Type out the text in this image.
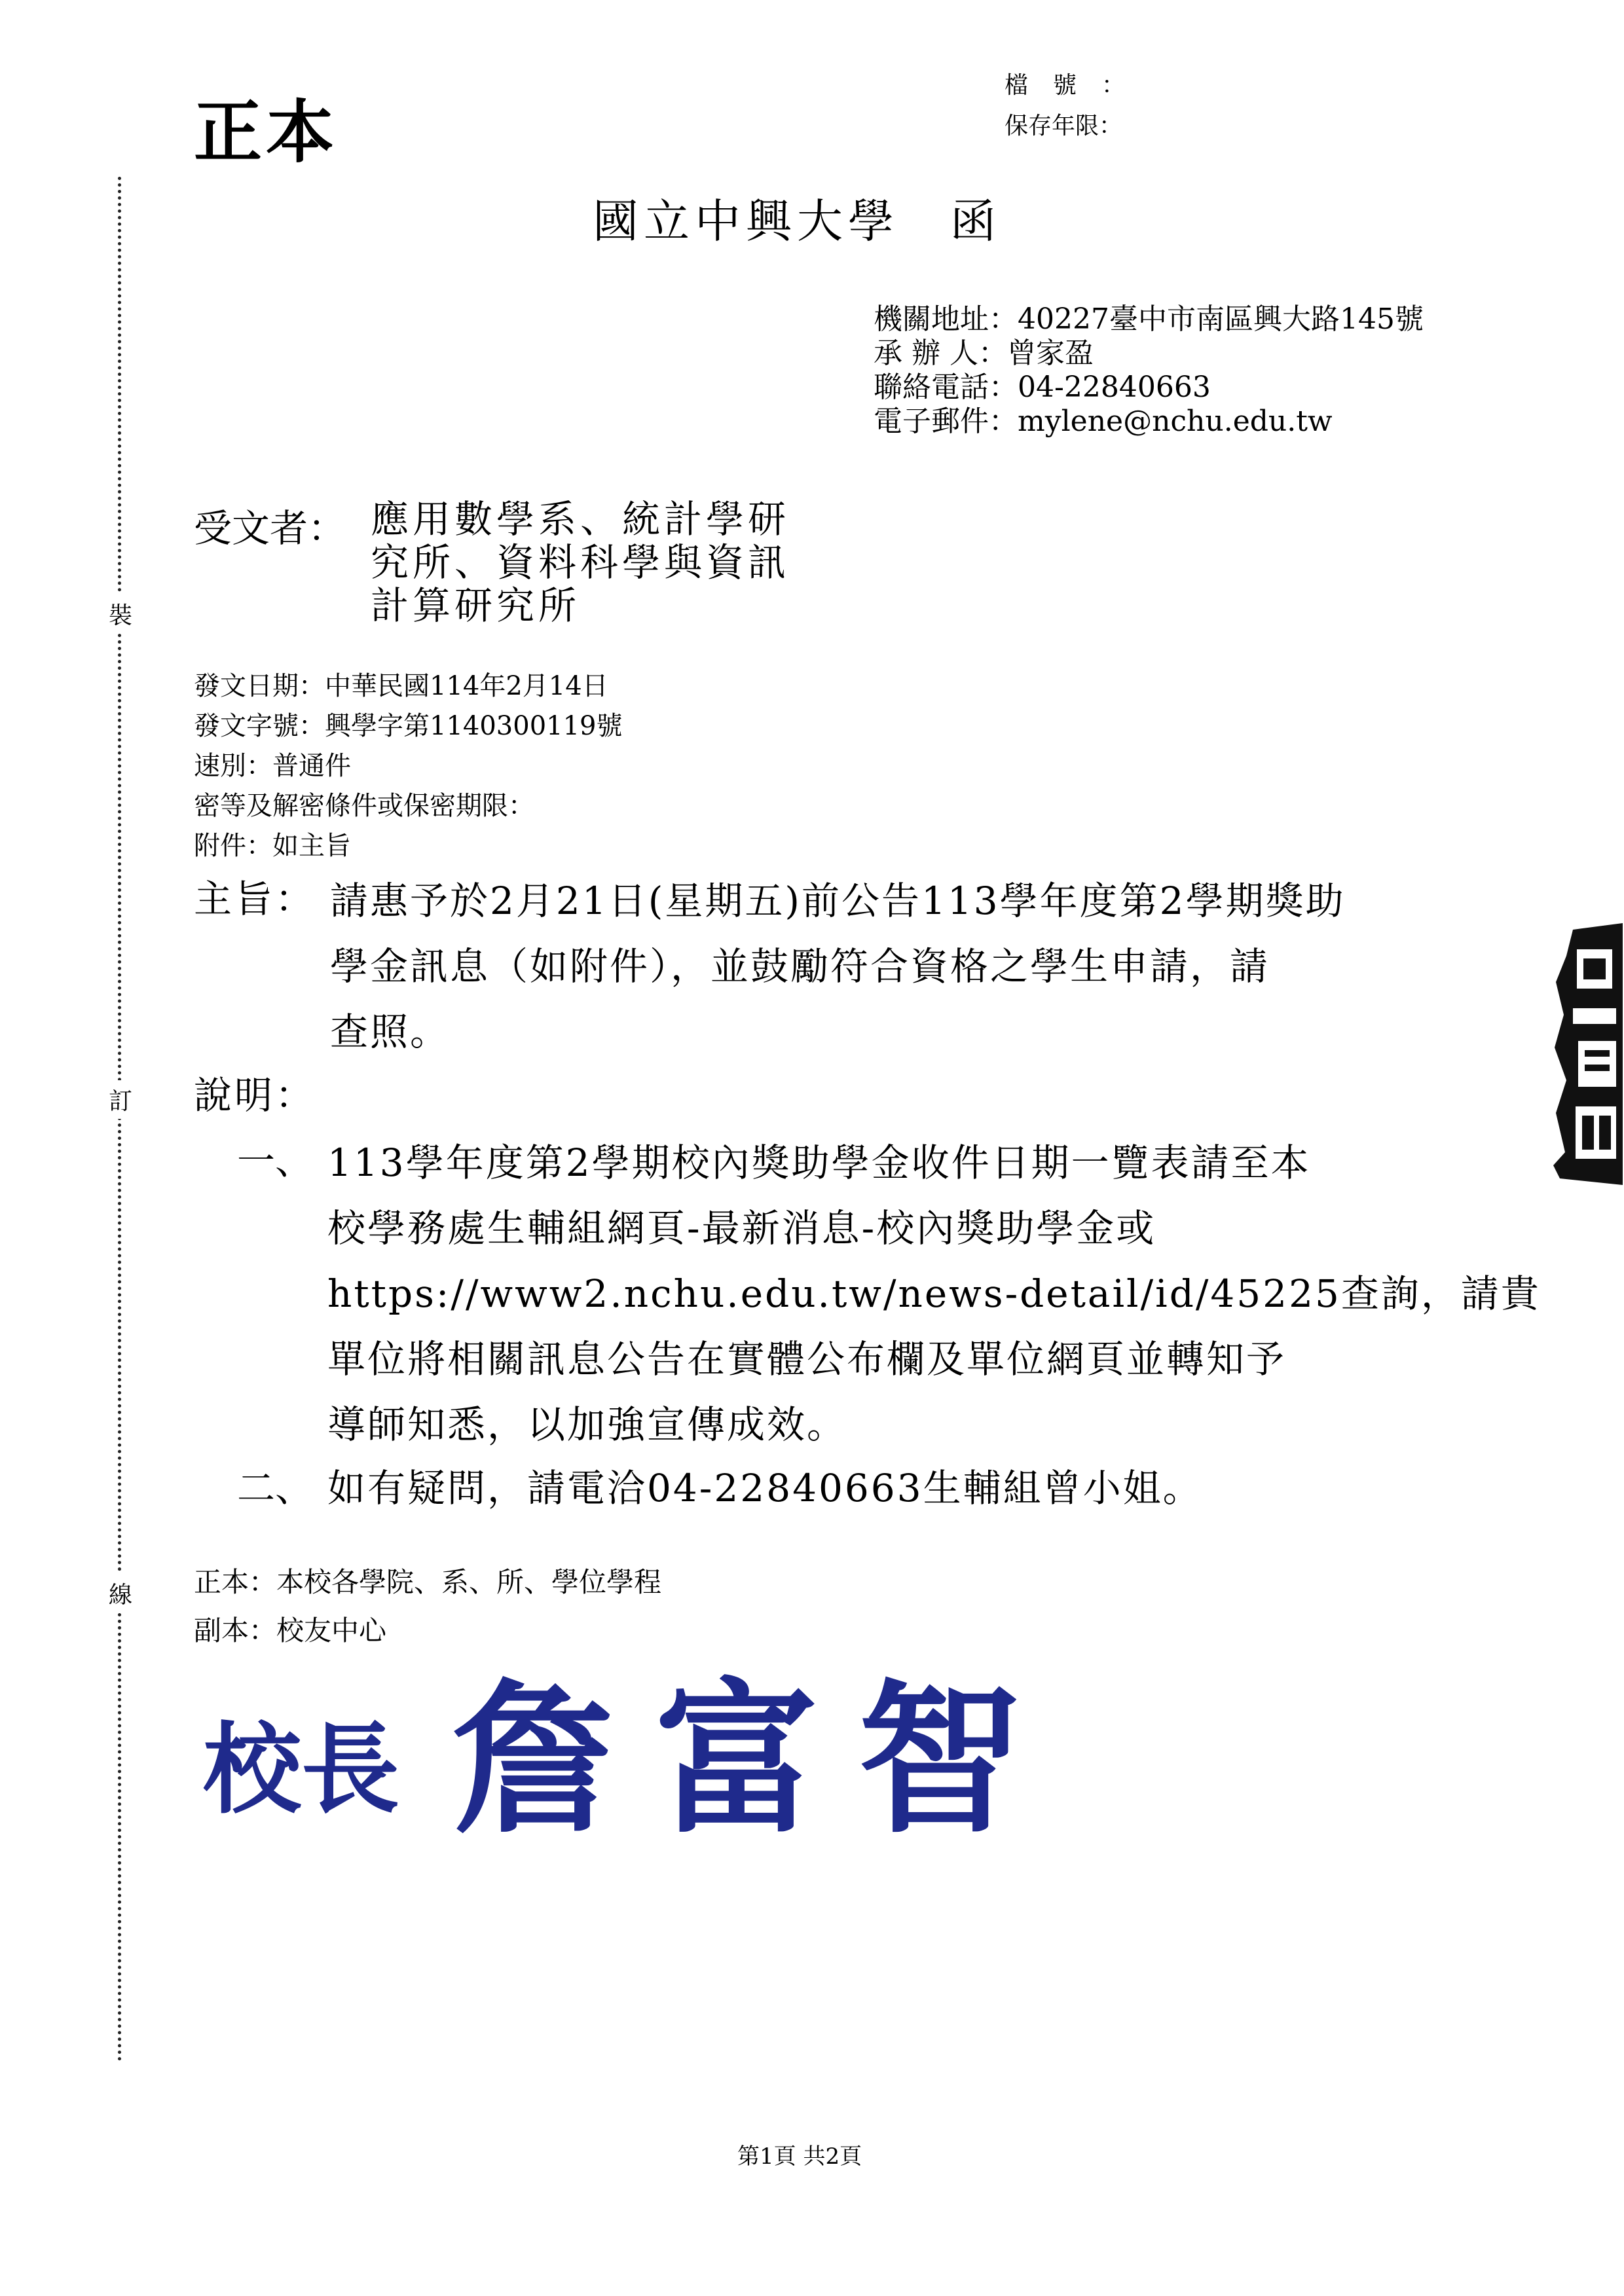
裝
訂
線
正本
檔號：
保存年限：
國立中興大學　函
機關地址：40227臺中市南區興大路145號
承 辦 人：曾家盈
聯絡電話：04-22840663
電子郵件：mylene@nchu.edu.tw
受文者： 應用數學系、統計學研
究所、資料科學與資訊
計算研究所
發文日期：中華民國114年2月14日
發文字號：興學字第1140300119號
速別：普通件
密等及解密條件或保密期限：
附件：如主旨
主旨： 請惠予於2月21日(星期五)前公告113學年度第2學期獎助
學金訊息（如附件），並鼓勵符合資格之學生申請，請
查照。
說明：
一、 113學年度第2學期校內獎助學金收件日期一覽表請至本
校學務處生輔組網頁-最新消息-校內獎助學金或
https://www2.nchu.edu.tw/news-detail/id/45225查詢，請貴
單位將相關訊息公告在實體公布欄及單位網頁並轉知予
導師知悉，以加強宣傳成效。
二、 如有疑問，請電洽04-22840663生輔組曾小姐。
正本：本校各學院、系、所、學位學程
副本：校友中心
校長 詹富智
第1頁 共2頁
